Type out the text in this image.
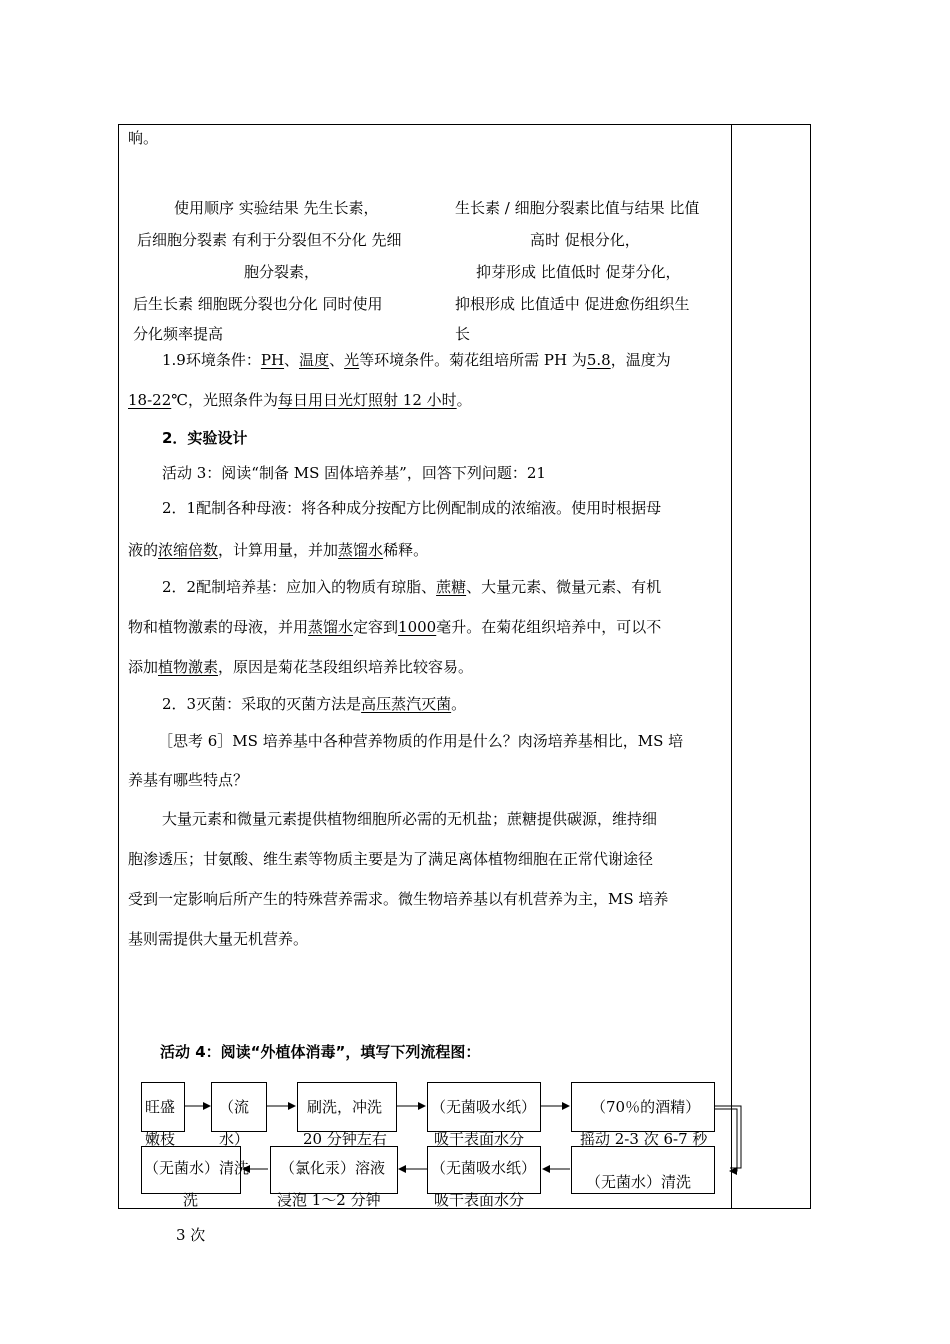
响。
使用顺序 实验结果 先生长素，
后细胞分裂素 有利于分裂但不分化 先细
胞分裂素，
后生长素 细胞既分裂也分化 同时使用
分化频率提高
生长素 / 细胞分裂素比值与结果 比值
高时 促根分化，
抑芽形成 比值低时 促芽分化，
抑根形成 比值适中 促进愈伤组织生
长
1.9环境条件：PH、温度、光等环境条件。菊花组培所需 PH 为5.8，温度为
18-22℃，光照条件为每日用日光灯照射 12 小时。
2．实验设计
活动 3：阅读“制备 MS 固体培养基”，回答下列问题：21
2．1配制各种母液：将各种成分按配方比例配制成的浓缩液。使用时根据母
液的浓缩倍数，计算用量，并加蒸馏水稀释。
2．2配制培养基：应加入的物质有琼脂、蔗糖、大量元素、微量元素、有机
物和植物激素的母液，并用蒸馏水定容到1000毫升。在菊花组织培养中，可以不
添加植物激素，原因是菊花茎段组织培养比较容易。
2．3灭菌：采取的灭菌方法是高压蒸汽灭菌。
［思考 6］MS 培养基中各种营养物质的作用是什么？肉汤培养基相比，MS 培
养基有哪些特点？
大量元素和微量元素提供植物细胞所必需的无机盐；蔗糖提供碳源，维持细
胞渗透压；甘氨酸、维生素等物质主要是为了满足离体植物细胞在正常代谢途径
受到一定影响后所产生的特殊营养需求。微生物培养基以有机营养为主，MS 培养
基则需提供大量无机营养。
活动 4：阅读“外植体消毒”，填写下列流程图：
旺盛
嫩枝
（流
水）
刷洗，冲洗
20 分钟左右
（无菌吸水纸）
吸干表面水分
（70％的酒精）
摇动 2-3 次 6-7 秒
（无菌水）清洗
（无菌吸水纸）
吸干表面水分
（氯化汞）溶液
浸泡 1～2 分钟
（无菌水）清洗
洗
3 次
